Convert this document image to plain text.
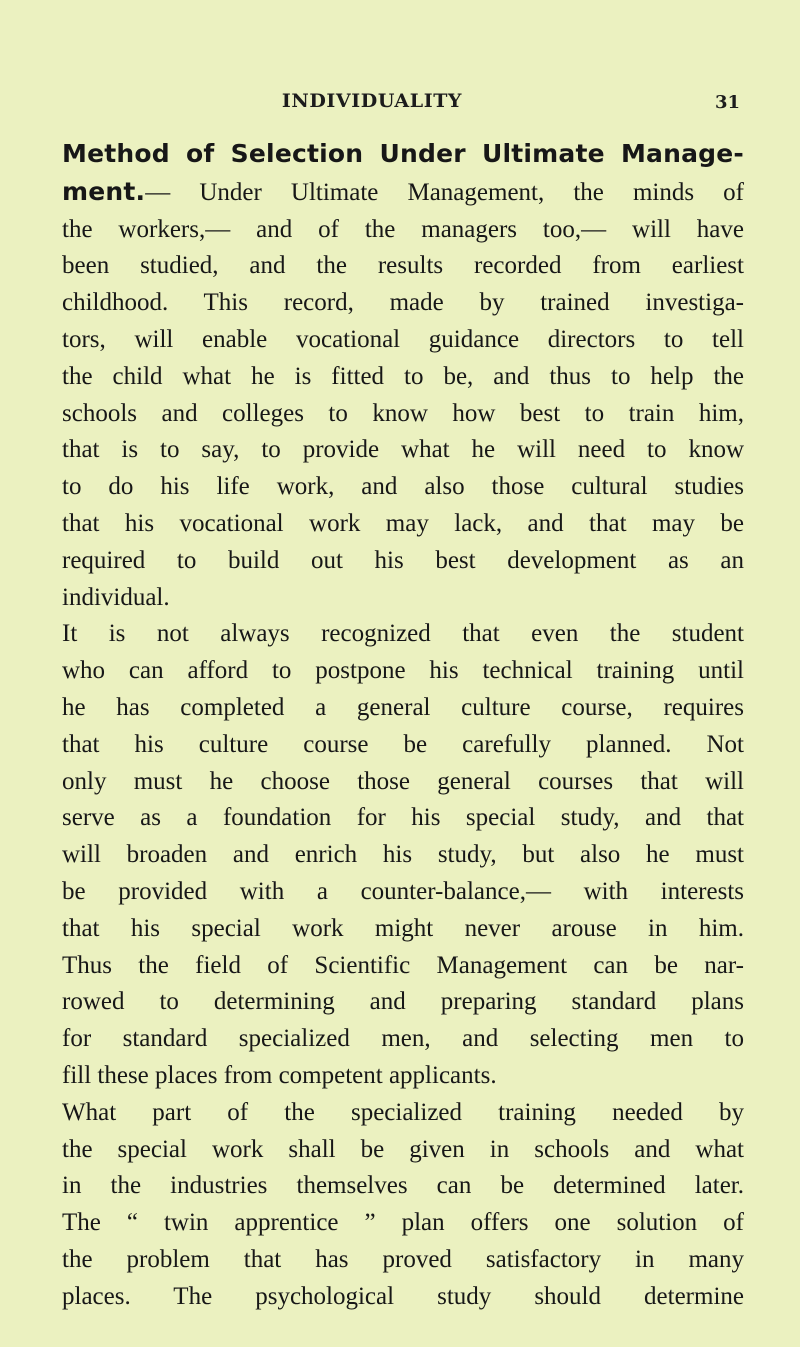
INDIVIDUALITY	31

Method of Selection Under Ultimate Manage-
ment.— Under Ultimate Management, the minds of
the workers,— and of the managers too,— will have
been studied, and the results recorded from earliest
childhood. This record, made by trained investiga-
tors, will enable vocational guidance directors to tell
the child what he is fitted to be, and thus to help the
schools and colleges to know how best to train him,
that is to say, to provide what he will need to know
to do his life work, and also those cultural studies
that his vocational work may lack, and that may be
required to build out his best development as an
individual.

It is not always recognized that even the student
who can afford to postpone his technical training until
he has completed a general culture course, requires
that his culture course be carefully planned. Not
only must he choose those general courses that will
serve as a foundation for his special study, and that
will broaden and enrich his study, but also he must
be provided with a counter-balance,— with interests
that his special work might never arouse in him.
Thus the field of Scientific Management can be nar-
rowed to determining and preparing standard plans
for standard specialized men, and selecting men to
fill these places from competent applicants.

What part of the specialized training needed by
the special work shall be given in schools and what
in the industries themselves can be determined later.
The “ twin apprentice ” plan offers one solution of
the problem that has proved satisfactory in many
places. The psychological study should determine
